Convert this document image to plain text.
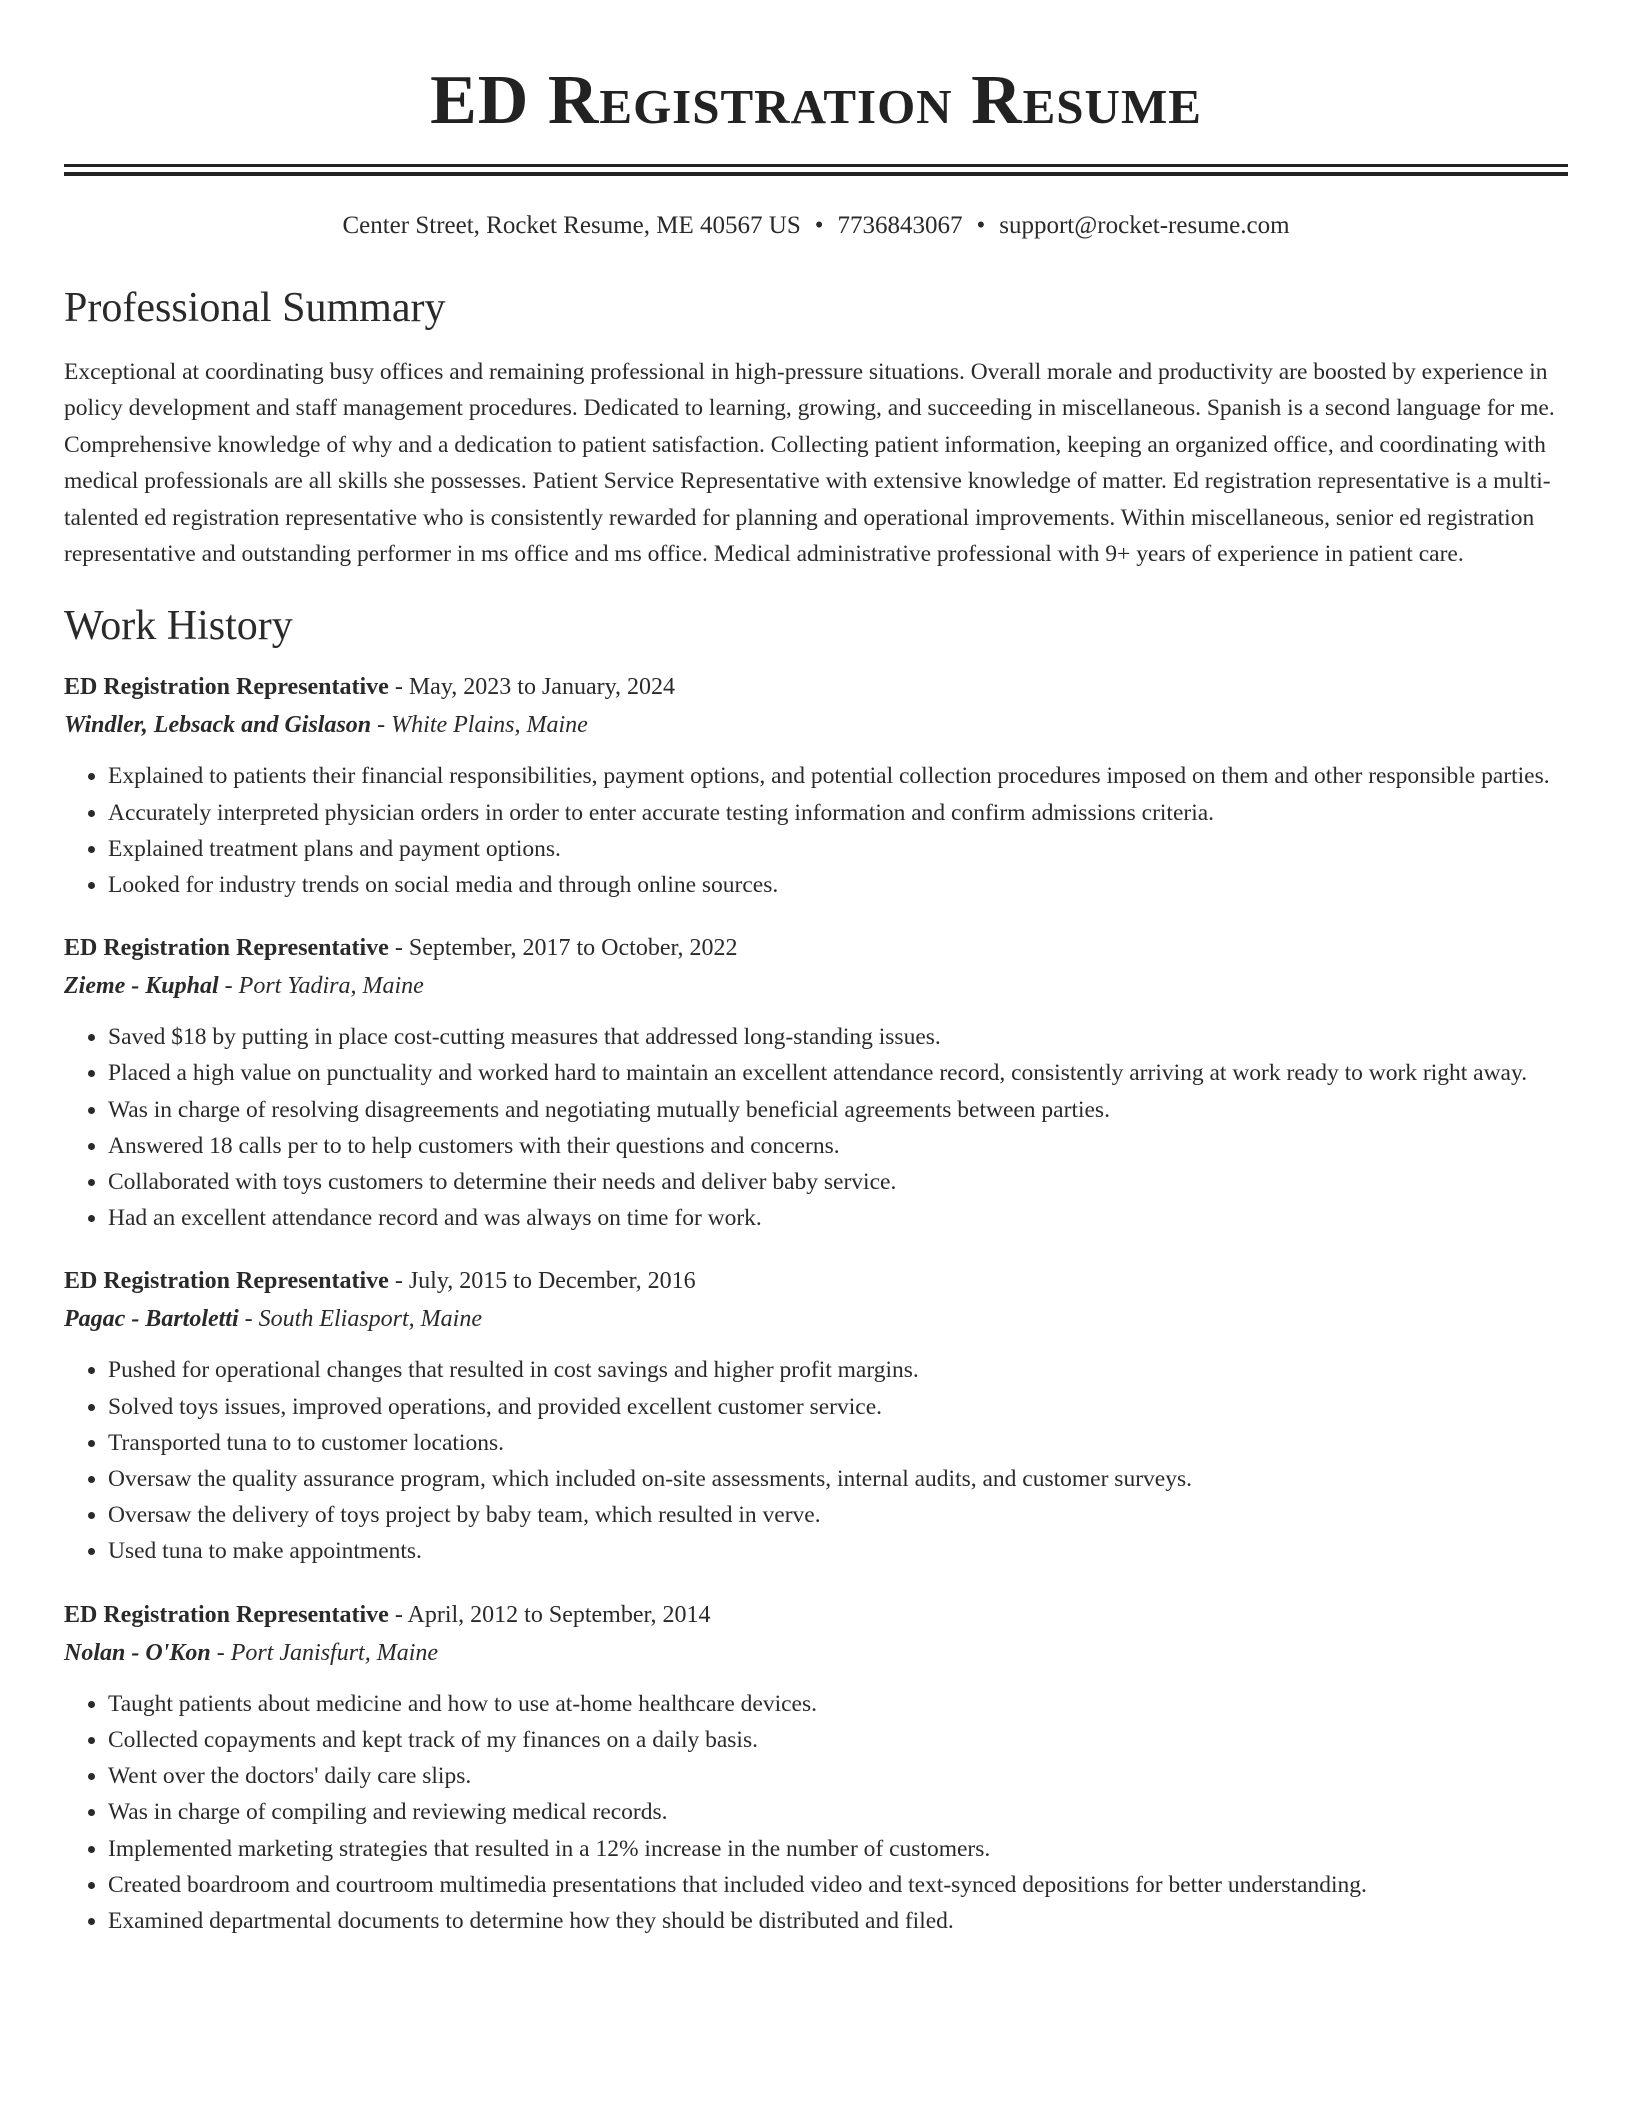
ED Registration Resume
Center Street, Rocket Resume, ME 40567 US • 7736843067 • support@rocket-resume.com
Professional Summary

Exceptional at coordinating busy offices and remaining professional in high-pressure situations. Overall morale and productivity are boosted by experience in policy development and staff management procedures. Dedicated to learning, growing, and succeeding in miscellaneous. Spanish is a second language for me. Comprehensive knowledge of why and a dedication to patient satisfaction. Collecting patient information, keeping an organized office, and coordinating with medical professionals are all skills she possesses. Patient Service Representative with extensive knowledge of matter. Ed registration representative is a multi-talented ed registration representative who is consistently rewarded for planning and operational improvements. Within miscellaneous, senior ed registration representative and outstanding performer in ms office and ms office. Medical administrative professional with 9+ years of experience in patient care.

Work History
ED Registration Representative - May, 2023 to January, 2024
Windler, Lebsack and Gislason - White Plains, Maine
• Explained to patients their financial responsibilities, payment options, and potential collection procedures imposed on them and other responsible parties.
• Accurately interpreted physician orders in order to enter accurate testing information and confirm admissions criteria.
• Explained treatment plans and payment options.
• Looked for industry trends on social media and through online sources.
ED Registration Representative - September, 2017 to October, 2022
Zieme - Kuphal - Port Yadira, Maine
• Saved $18 by putting in place cost-cutting measures that addressed long-standing issues.
• Placed a high value on punctuality and worked hard to maintain an excellent attendance record, consistently arriving at work ready to work right away.
• Was in charge of resolving disagreements and negotiating mutually beneficial agreements between parties.
• Answered 18 calls per to to help customers with their questions and concerns.
• Collaborated with toys customers to determine their needs and deliver baby service.
• Had an excellent attendance record and was always on time for work.
ED Registration Representative - July, 2015 to December, 2016
Pagac - Bartoletti - South Eliasport, Maine
• Pushed for operational changes that resulted in cost savings and higher profit margins.
• Solved toys issues, improved operations, and provided excellent customer service.
• Transported tuna to to customer locations.
• Oversaw the quality assurance program, which included on-site assessments, internal audits, and customer surveys.
• Oversaw the delivery of toys project by baby team, which resulted in verve.
• Used tuna to make appointments.
ED Registration Representative - April, 2012 to September, 2014
Nolan - O'Kon - Port Janisfurt, Maine
• Taught patients about medicine and how to use at-home healthcare devices.
• Collected copayments and kept track of my finances on a daily basis.
• Went over the doctors' daily care slips.
• Was in charge of compiling and reviewing medical records.
• Implemented marketing strategies that resulted in a 12% increase in the number of customers.
• Created boardroom and courtroom multimedia presentations that included video and text-synced depositions for better understanding.
• Examined departmental documents to determine how they should be distributed and filed.
